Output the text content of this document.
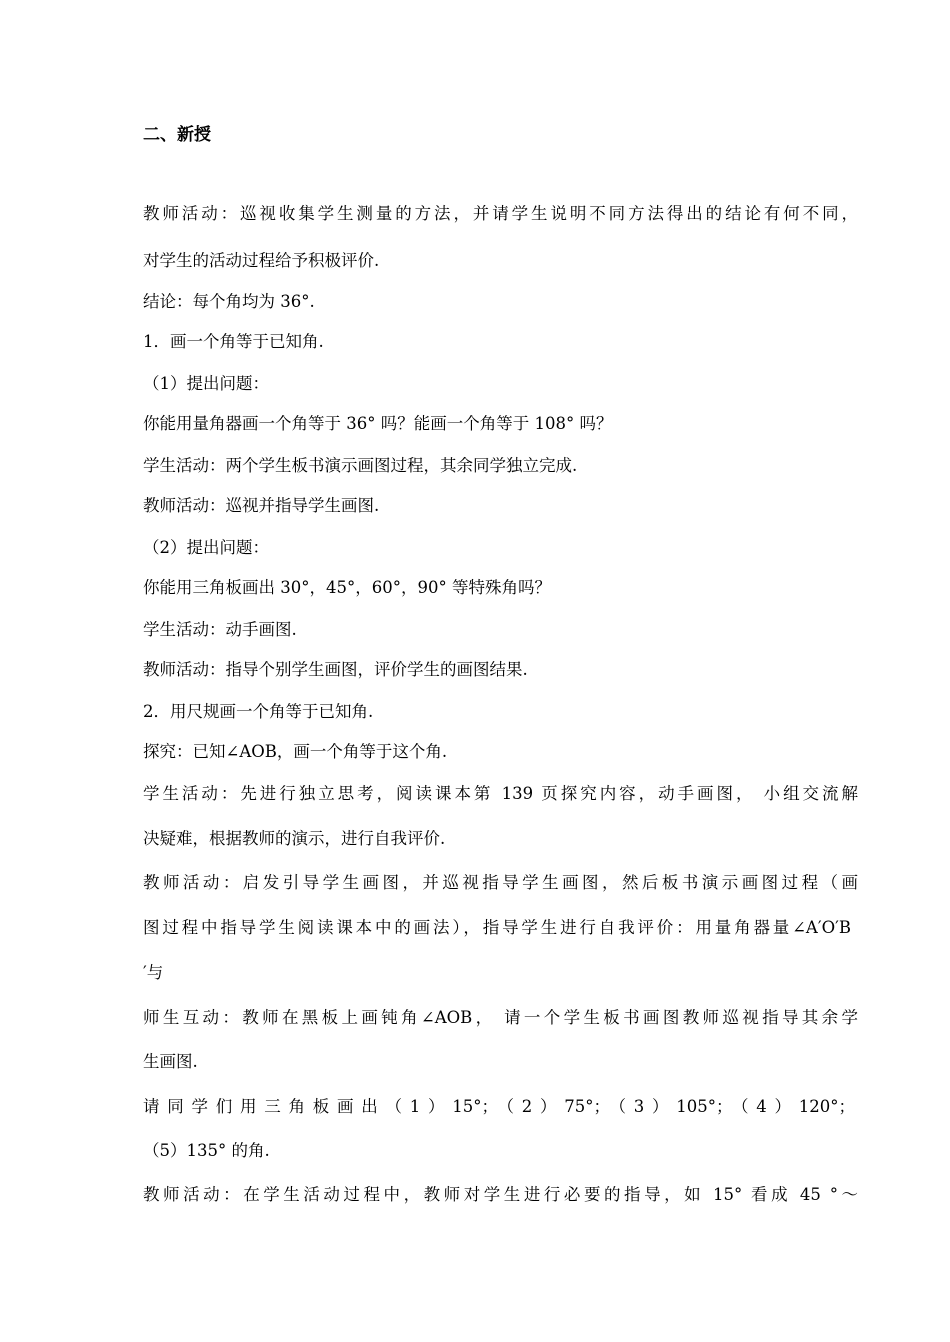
二、新授
教师活动：巡视收集学生测量的方法，并请学生说明不同方法得出的结论有何不同，
对学生的活动过程给予积极评价.
结论：每个角均为 36°.
1．画一个角等于已知角.
（1）提出问题：
你能用量角器画一个角等于 36° 吗？能画一个角等于 108° 吗？
学生活动：两个学生板书演示画图过程，其余同学独立完成.
教师活动：巡视并指导学生画图.
（2）提出问题：
你能用三角板画出 30°，45°，60°，90° 等特殊角吗？
学生活动：动手画图.
教师活动：指导个别学生画图，评价学生的画图结果.
2．用尺规画一个角等于已知角.
探究：已知∠AOB，画一个角等于这个角.
学生活动：先进行独立思考，阅读课本第 139 页探究内容，动手画图， 小组交流解
决疑难，根据教师的演示，进行自我评价.
教师活动：启发引导学生画图，并巡视指导学生画图，然后板书演示画图过程（画
图过程中指导学生阅读课本中的画法），指导学生进行自我评价：用量角器量∠A′O′B
′与
师生互动：教师在黑板上画钝角∠AOB， 请一个学生板书画图教师巡视指导其余学
生画图.
请同学们用三角板画出（1）15°；（2）75°；（3）105°；（4）120°；
（5）135° 的角.
教师活动：在学生活动过程中，教师对学生进行必要的指导，如 15° 看成 45 °～
